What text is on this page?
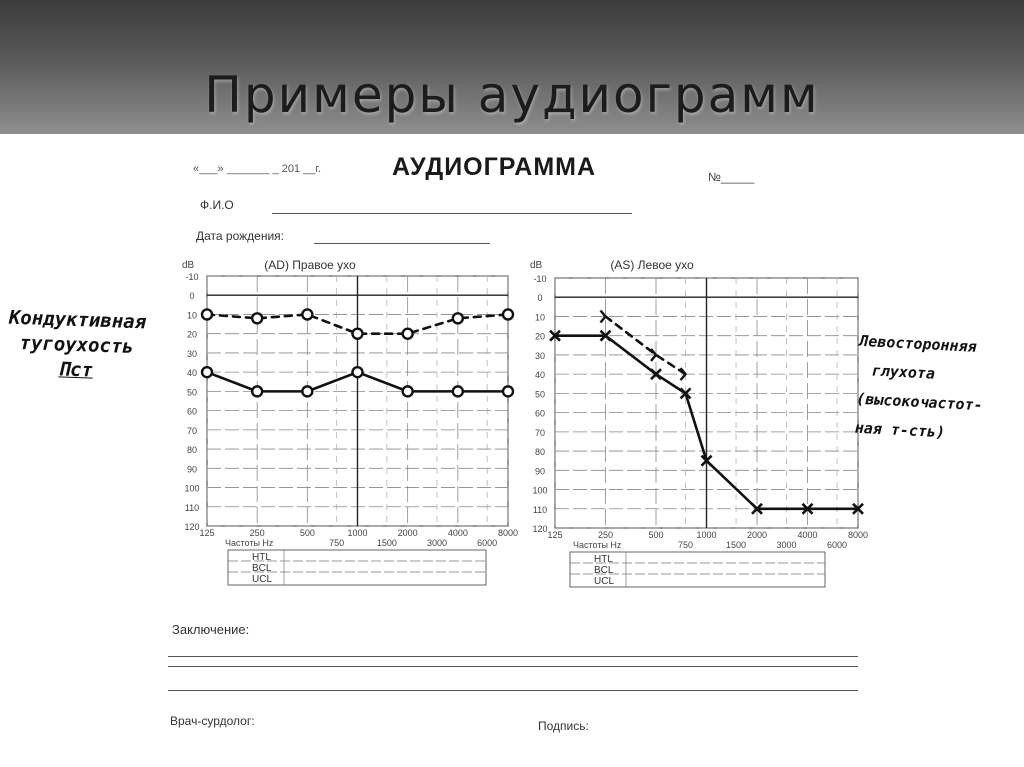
Примеры аудиограмм
«___» _______ _ 201 __г.	АУДИОГРАММА	№_____
Ф.И.О
Дата рождения:
(AD) Правое ухо
dB
-10
0
10
20
30
40
50
60
70
80
90
100
110
120
125	250	500	1000	2000	4000	8000
750	1500	3000	6000
Частоты Hz
HTL
BCL
UCL
(AS) Левое ухо
dB
-10
0
10
20
30
40
50
60
70
80
90
100
110
120
125	250	500	1000	2000	4000	8000
750	1500	3000	6000
Частоты Hz
HTL
BCL
UCL
Заключение:
Врач-сурдолог:	Подпись:
Кондуктивная
тугоухость
Пст
Левосторонняя
глухота
(высокочастот-
ная т-сть)
